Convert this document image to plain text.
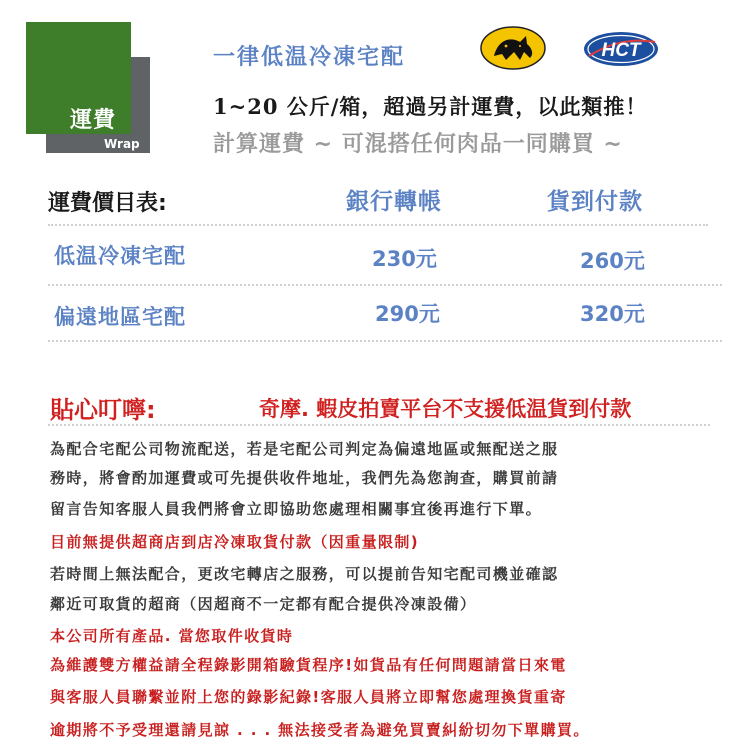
運費
Wrap
一律低温冷凍宅配	HCT
1~20 公斤/箱，超過另計運費，以此類推！
計算運費 ~ 可混搭任何肉品一同購買 ~
運費價目表:	銀行轉帳	貨到付款
低温冷凍宅配	230元	260元
偏遠地區宅配	290元	320元
貼心叮嚀:	奇摩. 蝦皮拍賣平台不支援低温貨到付款
為配合宅配公司物流配送，若是宅配公司判定為偏遠地區或無配送之服
務時，將會酌加運費或可先提供收件地址，我們先為您詢查，購買前請
留言告知客服人員我們將會立即協助您處理相關事宜後再進行下單。
目前無提供超商店到店冷凍取貨付款（因重量限制)
若時間上無法配合，更改宅轉店之服務，可以提前告知宅配司機並確認
鄰近可取貨的超商（因超商不一定都有配合提供冷凍設備）
本公司所有產品. 當您取件收貨時
為維護雙方權益請全程錄影開箱驗貨程序!如貨品有任何問題請當日來電
與客服人員聯繫並附上您的錄影紀錄!客服人員將立即幫您處理換貨重寄
逾期將不予受理還請見諒 . . . 無法接受者為避免買賣糾紛切勿下單購買。
